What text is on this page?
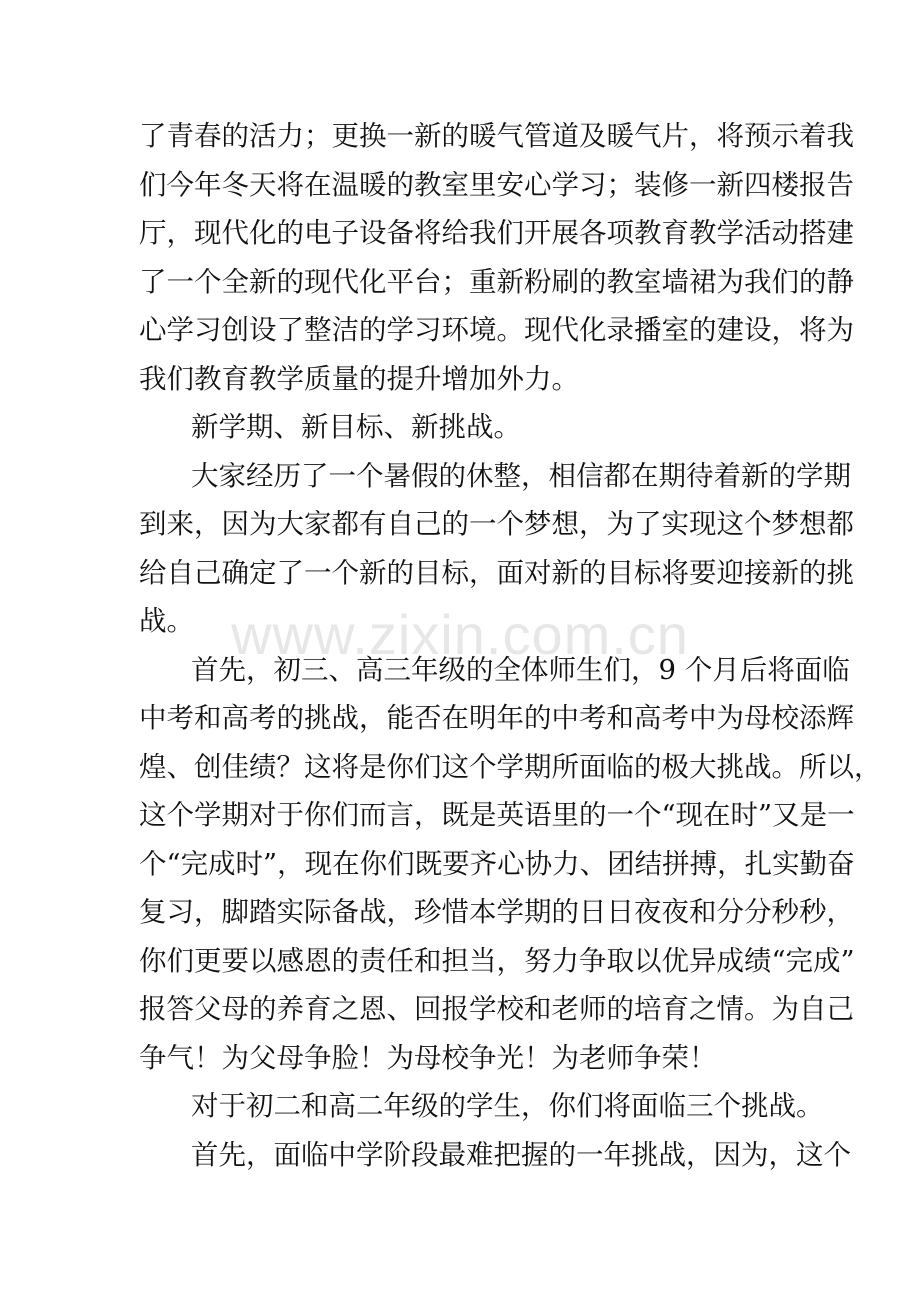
了青春的活力；更换一新的暖气管道及暖气片，将预示着我
们今年冬天将在温暖的教室里安心学习；装修一新四楼报告
厅，现代化的电子设备将给我们开展各项教育教学活动搭建
了一个全新的现代化平台；重新粉刷的教室墙裙为我们的静
心学习创设了整洁的学习环境。现代化录播室的建设，将为
我们教育教学质量的提升增加外力。
新学期、新目标、新挑战。
大家经历了一个暑假的休整，相信都在期待着新的学期
到来，因为大家都有自己的一个梦想，为了实现这个梦想都
给自己确定了一个新的目标，面对新的目标将要迎接新的挑
战。
首先，初三、高三年级的全体师生们，9 个月后将面临
中考和高考的挑战，能否在明年的中考和高考中为母校添辉
煌、创佳绩？这将是你们这个学期所面临的极大挑战。所以，
这个学期对于你们而言，既是英语里的一个“现在时”又是一
个“完成时”，现在你们既要齐心协力、团结拼搏，扎实勤奋
复习，脚踏实际备战，珍惜本学期的日日夜夜和分分秒秒，
你们更要以感恩的责任和担当，努力争取以优异成绩“完成”
报答父母的养育之恩、回报学校和老师的培育之情。为自己
争气！为父母争脸！为母校争光！为老师争荣！
对于初二和高二年级的学生，你们将面临三个挑战。
首先，面临中学阶段最难把握的一年挑战，因为，这个
www.zixin.com.cn
